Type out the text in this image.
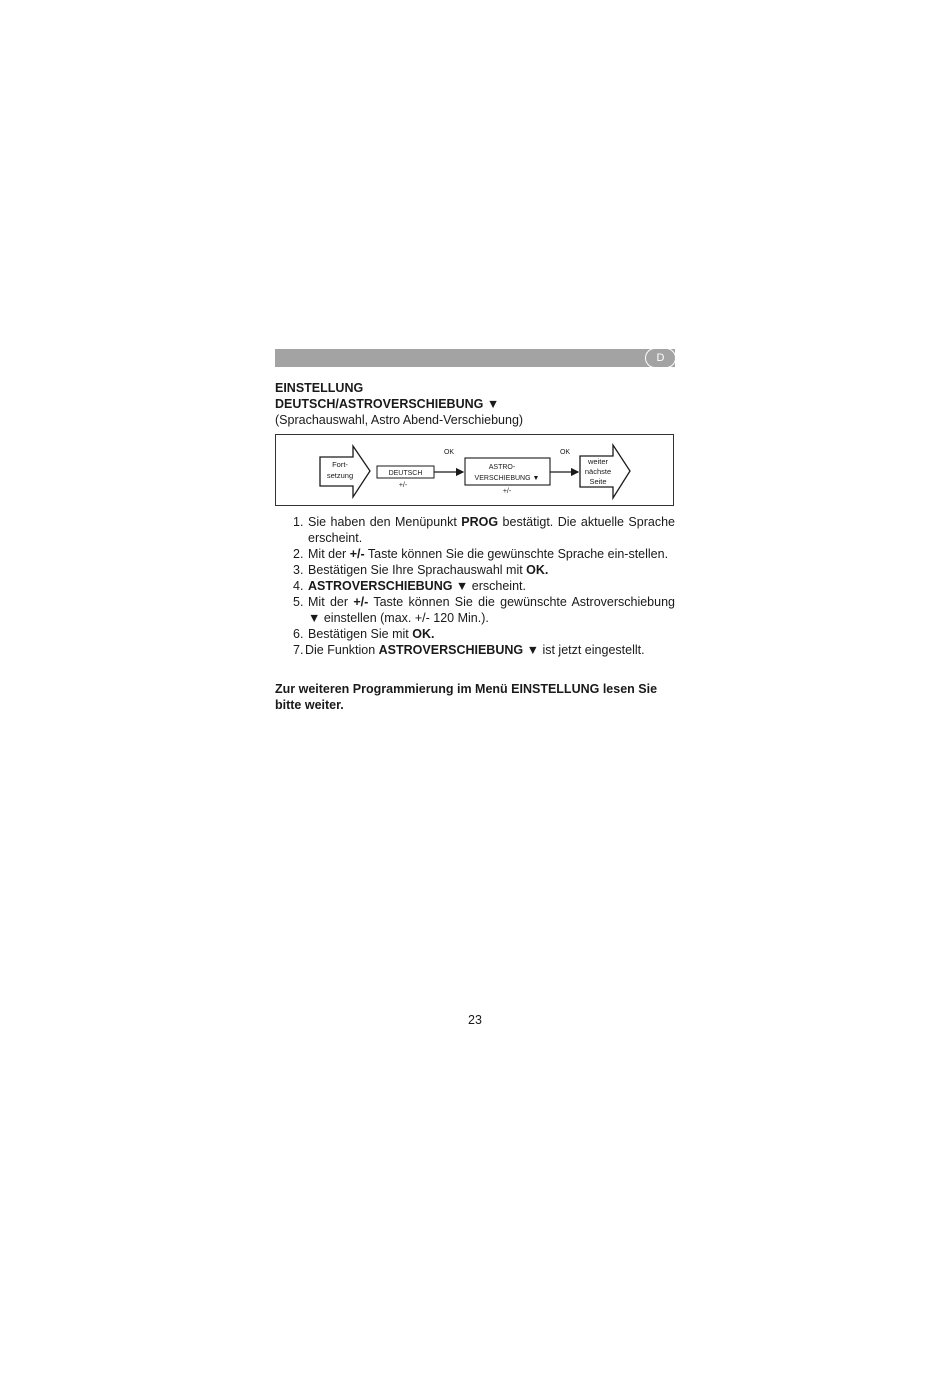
D
EINSTELLUNG
DEUTSCH/ASTROVERSCHIEBUNG ▼
(Sprachauswahl, Astro Abend-Verschiebung)
Fort-
setzung	DEUTSCH
+/-
OK
ASTRO-
VERSCHIEBUNG ▼
+/-
OK
weiter
nächste
Seite
1. Sie haben den Menüpunkt PROG bestätigt. Die aktuelle Sprache erscheint.
2. Mit der +/- Taste können Sie die gewünschte Sprache ein-stellen.
3. Bestätigen Sie Ihre Sprachauswahl mit OK.
4. ASTROVERSCHIEBUNG ▼ erscheint.
5. Mit der +/- Taste können Sie die gewünschte Astroverschiebung ▼ einstellen (max. +/- 120 Min.).
6. Bestätigen Sie mit OK.
7. Die Funktion ASTROVERSCHIEBUNG ▼ ist jetzt eingestellt.
Zur weiteren Programmierung im Menü EINSTELLUNG lesen Sie bitte weiter.
23
